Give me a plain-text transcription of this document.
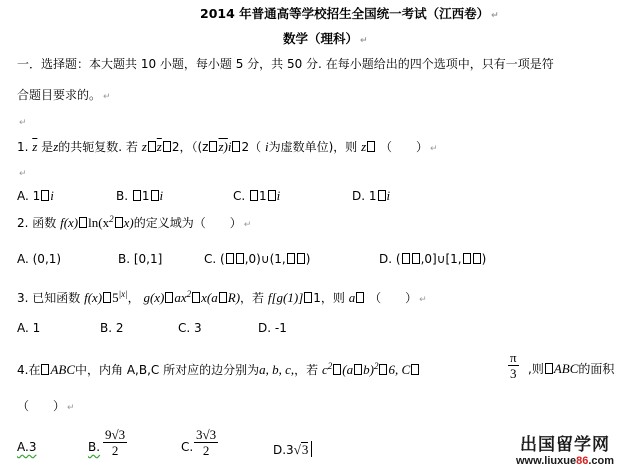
2014 年普通高等学校招生全国统一考试（江西卷） ↵
数学（理科） ↵
一．选择题：本大题共 10 小题，每小题 5 分，共 50 分. 在每小题给出的四个选项中，只有一项是符
合题目要求的。 ↵
↵
1. $\overline{z}$ 是z的共轭复数. 若 z $\overline{z}$ 2，（(z z)i 2（ i为虚数单位)，则 z （　　） ↵
↵
A. 1 i	B. 1 i	C. 1 i	D. 1 i
2. 函数 f(x) $\ln(x^2$ x)的定义域为（　　） ↵
A. (0,1)	B. [0,1]	C. ( ,0)∪(1, )	D. ( ,0]∪[1, )
3. 已知函数 f(x) $5^{|x|}$， g(x) $ax^2$ x(a R)，若 f[g(1)] 1，则 a （　　） ↵
A. 1	B. 2	C. 3	D. -1
4.在 ABC中，内角 A,B,C 所对应的边分别为a, b, c,，若 $c^2$ (a b)$^2$ 6, C	$\frac{\pi}{3}$ ,则 ABC的面积
（　　） ↵
A.3	B. $\frac{9√3}{2}$	C. $\frac{3√3}{2}$	D.3√3	出国留学网
www.liuxue86.com
